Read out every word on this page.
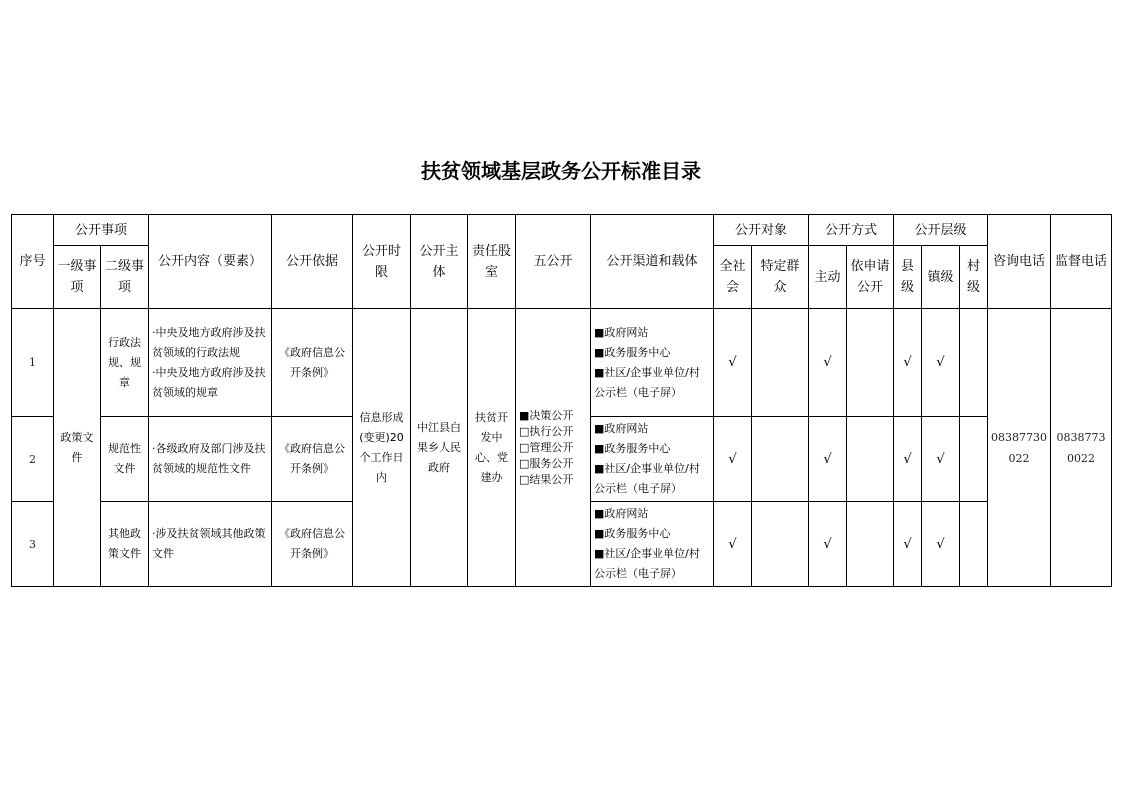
扶贫领域基层政务公开标准目录
序号	公开事项		公开内容（要素）	公开依据	公开时限	公开主体	责任股室	五公开	公开渠道和载体	公开对象		公开方式		公开层级			咨询电话	监督电话
	一级事项	二级事项								全社会	特定群众	主动	依申请公开	县级	镇级	村级		
1	政策文件	行政法规、规章	·中央及地方政府涉及扶贫领域的行政法规
·中央及地方政府涉及扶贫领域的规章	《政府信息公开条例》	信息形成(变更)20个工作日内	中江县白果乡人民政府	扶贫开发中心、党建办	■决策公开
□执行公开
□管理公开
□服务公开
□结果公开	■政府网站
■政务服务中心
■社区/企事业单位/村公示栏（电子屏）	√		√		√	√		08387730022	08387730022
2		规范性文件	·各级政府及部门涉及扶贫领域的规范性文件	《政府信息公开条例》					■政府网站
■政务服务中心
■社区/企事业单位/村公示栏（电子屏）	√		√		√	√			
3		其他政策文件	·涉及扶贫领域其他政策文件	《政府信息公开条例》					■政府网站
■政务服务中心
■社区/企事业单位/村公示栏（电子屏）	√		√		√	√			
